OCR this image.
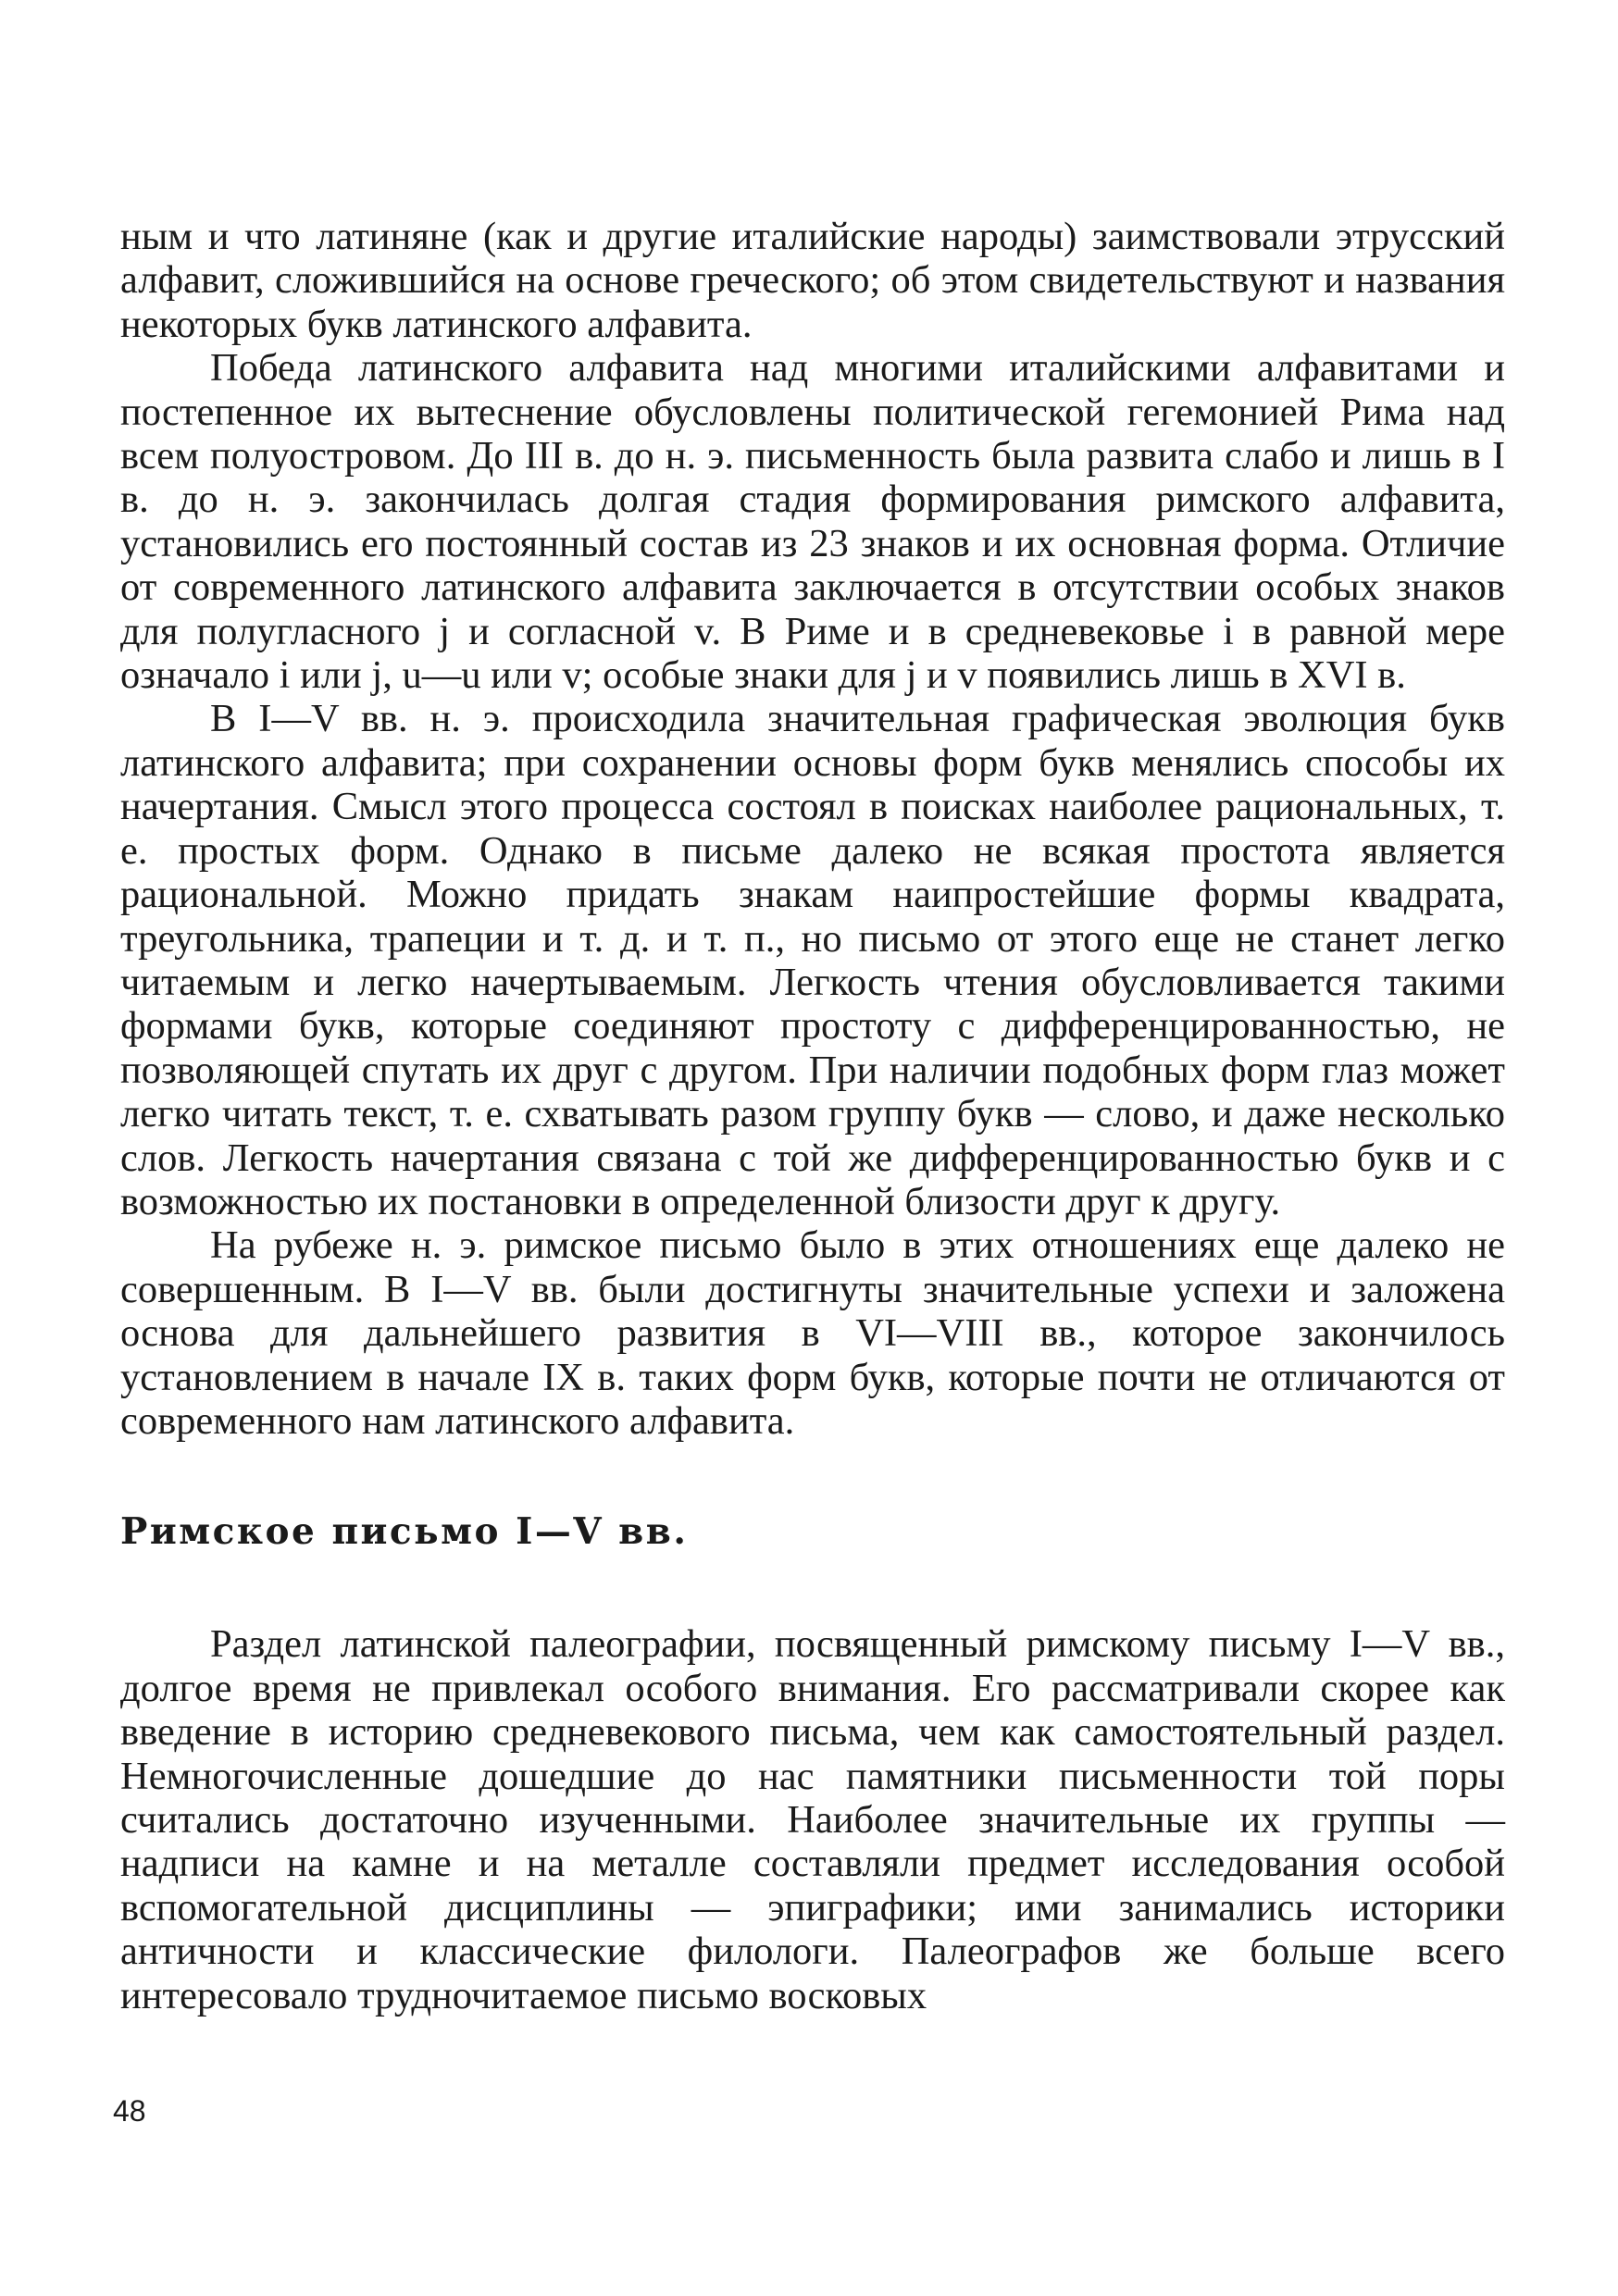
ным и что латиняне (как и другие италийские народы) заимствовали этрусский алфавит, сложившийся на основе греческого; об этом свидетельствуют и названия некоторых букв латинского алфавита.

Победа латинского алфавита над многими италийскими алфавитами и постепенное их вытеснение обусловлены политической гегемонией Рима над всем полуостровом. До III в. до н. э. письменность была развита слабо и лишь в I в. до н. э. закончилась долгая стадия формирования римского алфавита, установились его постоянный состав из 23 знаков и их основная форма. Отличие от современного латинского алфавита заключается в отсутствии особых знаков для полугласного j и согласной v. В Риме и в средневековье i в равной мере означало i или j, u—u или v; особые знаки для j и v появились лишь в XVI в.

В I—V вв. н. э. происходила значительная графическая эволюция букв латинского алфавита; при сохранении основы форм букв менялись способы их начертания. Смысл этого процесса состоял в поисках наиболее рациональных, т. е. простых форм. Однако в письме далеко не всякая простота является рациональной. Можно придать знакам наипростейшие формы квадрата, треугольника, трапеции и т. д. и т. п., но письмо от этого еще не станет легко читаемым и легко начертываемым. Легкость чтения обусловливается такими формами букв, которые соединяют простоту с дифференцированностью, не позволяющей спутать их друг с другом. При наличии подобных форм глаз может легко читать текст, т. е. схватывать разом группу букв — слово, и даже несколько слов. Легкость начертания связана с той же дифференцированностью букв и с возможностью их постановки в определенной близости друг к другу.

На рубеже н. э. римское письмо было в этих отношениях еще далеко не совершенным. В I—V вв. были достигнуты значительные успехи и заложена основа для дальнейшего развития в VI—VIII вв., которое закончилось установлением в начале IX в. таких форм букв, которые почти не отличаются от современного нам латинского алфавита.

Римское письмо I—V вв.

Раздел латинской палеографии, посвященный римскому письму I—V вв., долгое время не привлекал особого внимания. Его рассматривали скорее как введение в историю средневекового письма, чем как самостоятельный раздел. Немногочисленные дошедшие до нас памятники письменности той поры считались достаточно изученными. Наиболее значительные их группы — надписи на камне и на металле составляли предмет исследования особой вспомогательной дисциплины — эпиграфики; ими занимались историки античности и классические филологи. Палеографов же больше всего интересовало трудночитаемое письмо восковых

48
